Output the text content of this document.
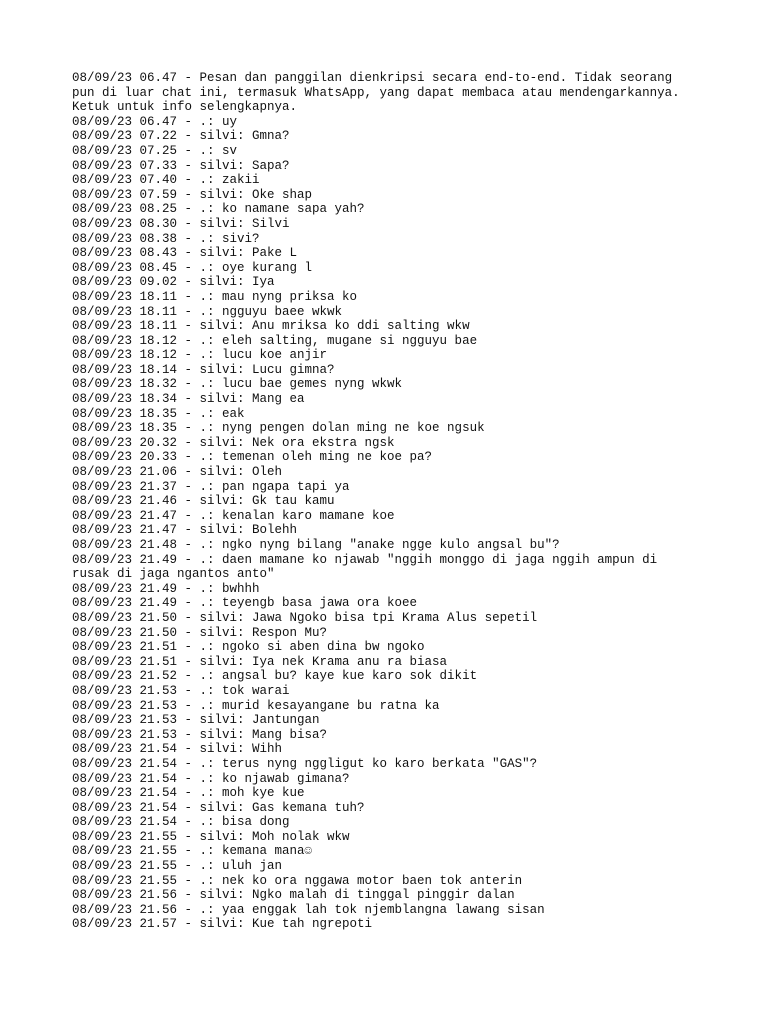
08/09/23 06.47 - Pesan dan panggilan dienkripsi secara end-to-end. Tidak seorang
pun di luar chat ini, termasuk WhatsApp, yang dapat membaca atau mendengarkannya.
Ketuk untuk info selengkapnya.
08/09/23 06.47 - .: uy
08/09/23 07.22 - silvi: Gmna?
08/09/23 07.25 - .: sv
08/09/23 07.33 - silvi: Sapa?
08/09/23 07.40 - .: zakii
08/09/23 07.59 - silvi: Oke shap
08/09/23 08.25 - .: ko namane sapa yah?
08/09/23 08.30 - silvi: Silvi
08/09/23 08.38 - .: sivi?
08/09/23 08.43 - silvi: Pake L
08/09/23 08.45 - .: oye kurang l
08/09/23 09.02 - silvi: Iya
08/09/23 18.11 - .: mau nyng priksa ko
08/09/23 18.11 - .: ngguyu baee wkwk
08/09/23 18.11 - silvi: Anu mriksa ko ddi salting wkw
08/09/23 18.12 - .: eleh salting, mugane si ngguyu bae
08/09/23 18.12 - .: lucu koe anjir
08/09/23 18.14 - silvi: Lucu gimna?
08/09/23 18.32 - .: lucu bae gemes nyng wkwk
08/09/23 18.34 - silvi: Mang ea
08/09/23 18.35 - .: eak
08/09/23 18.35 - .: nyng pengen dolan ming ne koe ngsuk
08/09/23 20.32 - silvi: Nek ora ekstra ngsk
08/09/23 20.33 - .: temenan oleh ming ne koe pa?
08/09/23 21.06 - silvi: Oleh
08/09/23 21.37 - .: pan ngapa tapi ya
08/09/23 21.46 - silvi: Gk tau kamu
08/09/23 21.47 - .: kenalan karo mamane koe
08/09/23 21.47 - silvi: Bolehh
08/09/23 21.48 - .: ngko nyng bilang "anake ngge kulo angsal bu"?
08/09/23 21.49 - .: daen mamane ko njawab "nggih monggo di jaga nggih ampun di
rusak di jaga ngantos anto"
08/09/23 21.49 - .: bwhhh
08/09/23 21.49 - .: teyengb basa jawa ora koee
08/09/23 21.50 - silvi: Jawa Ngoko bisa tpi Krama Alus sepetil
08/09/23 21.50 - silvi: Respon Mu?
08/09/23 21.51 - .: ngoko si aben dina bw ngoko
08/09/23 21.51 - silvi: Iya nek Krama anu ra biasa
08/09/23 21.52 - .: angsal bu? kaye kue karo sok dikit
08/09/23 21.53 - .: tok warai
08/09/23 21.53 - .: murid kesayangane bu ratna ka
08/09/23 21.53 - silvi: Jantungan
08/09/23 21.53 - silvi: Mang bisa?
08/09/23 21.54 - silvi: Wihh
08/09/23 21.54 - .: terus nyng nggligut ko karo berkata "GAS"?
08/09/23 21.54 - .: ko njawab gimana?
08/09/23 21.54 - .: moh kye kue
08/09/23 21.54 - silvi: Gas kemana tuh?
08/09/23 21.54 - .: bisa dong
08/09/23 21.55 - silvi: Moh nolak wkw
08/09/23 21.55 - .: kemana mana☺
08/09/23 21.55 - .: uluh jan
08/09/23 21.55 - .: nek ko ora nggawa motor baen tok anterin
08/09/23 21.56 - silvi: Ngko malah di tinggal pinggir dalan
08/09/23 21.56 - .: yaa enggak lah tok njemblangna lawang sisan
08/09/23 21.57 - silvi: Kue tah ngrepoti
